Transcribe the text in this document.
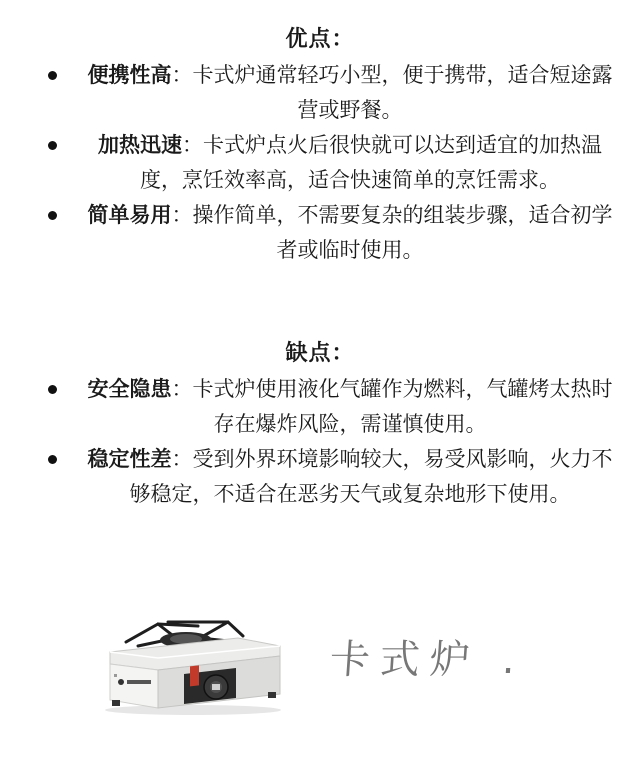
优点：
便携性高：卡式炉通常轻巧小型，便于携带，适合短途露营或野餐。
加热迅速：卡式炉点火后很快就可以达到适宜的加热温度，烹饪效率高，适合快速简单的烹饪需求。
简单易用：操作简单，不需要复杂的组装步骤，适合初学者或临时使用。
缺点：
安全隐患：卡式炉使用液化气罐作为燃料，气罐烤太热时存在爆炸风险，需谨慎使用。
稳定性差：受到外界环境影响较大，易受风影响，火力不够稳定，不适合在恶劣天气或复杂地形下使用。
卡式炉 .
